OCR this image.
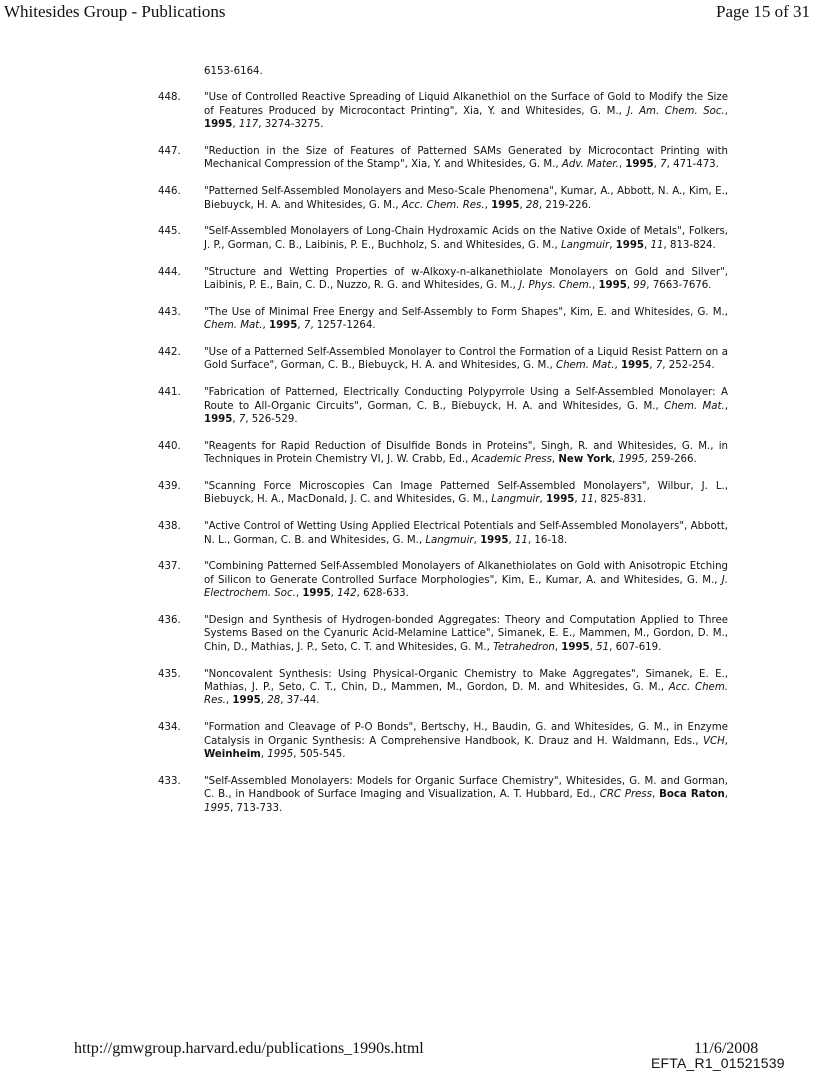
Whitesides Group - Publications	Page 15 of 31
6153-6164.
448.	"Use of Controlled Reactive Spreading of Liquid Alkanethiol on the Surface of Gold to Modify the Size of Features Produced by Microcontact Printing", Xia, Y. and Whitesides, G. M., J. Am. Chem. Soc., 1995, 117, 3274-3275.
447.	"Reduction in the Size of Features of Patterned SAMs Generated by Microcontact Printing with Mechanical Compression of the Stamp", Xia, Y. and Whitesides, G. M., Adv. Mater., 1995, 7, 471-473.
446.	"Patterned Self-Assembled Monolayers and Meso-Scale Phenomena", Kumar, A., Abbott, N. A., Kim, E., Biebuyck, H. A. and Whitesides, G. M., Acc. Chem. Res., 1995, 28, 219-226.
445.	"Self-Assembled Monolayers of Long-Chain Hydroxamic Acids on the Native Oxide of Metals", Folkers, J. P., Gorman, C. B., Laibinis, P. E., Buchholz, S. and Whitesides, G. M., Langmuir, 1995, 11, 813-824.
444.	"Structure and Wetting Properties of w-Alkoxy-n-alkanethiolate Monolayers on Gold and Silver", Laibinis, P. E., Bain, C. D., Nuzzo, R. G. and Whitesides, G. M., J. Phys. Chem., 1995, 99, 7663-7676.
443.	"The Use of Minimal Free Energy and Self-Assembly to Form Shapes", Kim, E. and Whitesides, G. M., Chem. Mat., 1995, 7, 1257-1264.
442.	"Use of a Patterned Self-Assembled Monolayer to Control the Formation of a Liquid Resist Pattern on a Gold Surface", Gorman, C. B., Biebuyck, H. A. and Whitesides, G. M., Chem. Mat., 1995, 7, 252-254.
441.	"Fabrication of Patterned, Electrically Conducting Polypyrrole Using a Self-Assembled Monolayer: A Route to All-Organic Circuits", Gorman, C. B., Biebuyck, H. A. and Whitesides, G. M., Chem. Mat., 1995, 7, 526-529.
440.	"Reagents for Rapid Reduction of Disulfide Bonds in Proteins", Singh, R. and Whitesides, G. M., in Techniques in Protein Chemistry VI, J. W. Crabb, Ed., Academic Press, New York, 1995, 259-266.
439.	"Scanning Force Microscopies Can Image Patterned Self-Assembled Monolayers", Wilbur, J. L., Biebuyck, H. A., MacDonald, J. C. and Whitesides, G. M., Langmuir, 1995, 11, 825-831.
438.	"Active Control of Wetting Using Applied Electrical Potentials and Self-Assembled Monolayers", Abbott, N. L., Gorman, C. B. and Whitesides, G. M., Langmuir, 1995, 11, 16-18.
437.	"Combining Patterned Self-Assembled Monolayers of Alkanethiolates on Gold with Anisotropic Etching of Silicon to Generate Controlled Surface Morphologies", Kim, E., Kumar, A. and Whitesides, G. M., J. Electrochem. Soc., 1995, 142, 628-633.
436.	"Design and Synthesis of Hydrogen-bonded Aggregates: Theory and Computation Applied to Three Systems Based on the Cyanuric Acid-Melamine Lattice", Simanek, E. E., Mammen, M., Gordon, D. M., Chin, D., Mathias, J. P., Seto, C. T. and Whitesides, G. M., Tetrahedron, 1995, 51, 607-619.
435.	"Noncovalent Synthesis: Using Physical-Organic Chemistry to Make Aggregates", Simanek, E. E., Mathias, J. P., Seto, C. T., Chin, D., Mammen, M., Gordon, D. M. and Whitesides, G. M., Acc. Chem. Res., 1995, 28, 37-44.
434.	"Formation and Cleavage of P-O Bonds", Bertschy, H., Baudin, G. and Whitesides, G. M., in Enzyme Catalysis in Organic Synthesis: A Comprehensive Handbook, K. Drauz and H. Waldmann, Eds., VCH, Weinheim, 1995, 505-545.
433.	"Self-Assembled Monolayers: Models for Organic Surface Chemistry", Whitesides, G. M. and Gorman, C. B., in Handbook of Surface Imaging and Visualization, A. T. Hubbard, Ed., CRC Press, Boca Raton, 1995, 713-733.
http://gmwgroup.harvard.edu/publications_1990s.html	11/6/2008
EFTA_R1_01521539
